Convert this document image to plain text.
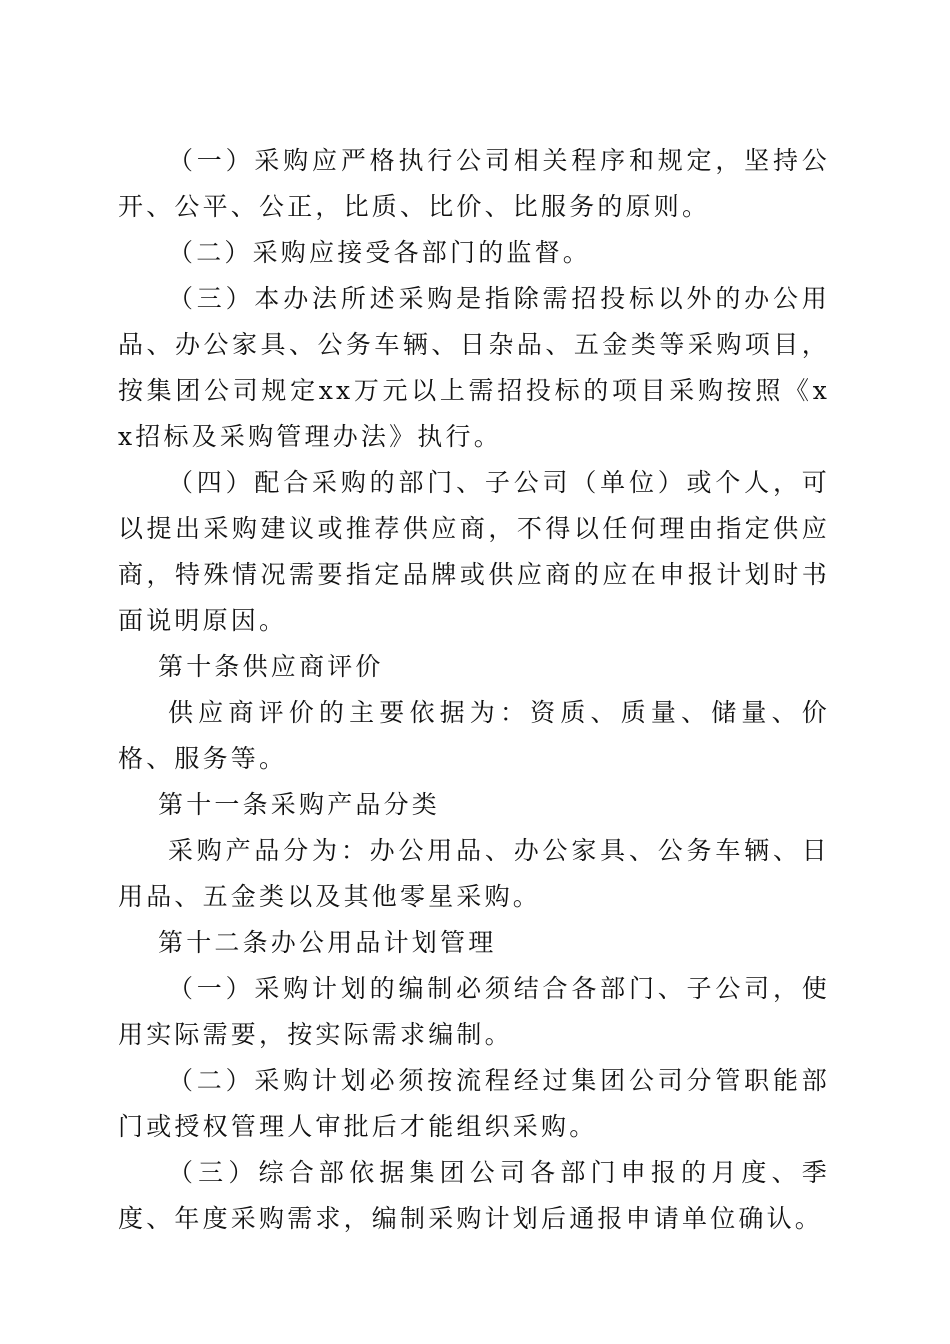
（一）采购应严格执行公司相关程序和规定，坚持公开、公平、公正，比质、比价、比服务的原则。

（二）采购应接受各部门的监督。

（三）本办法所述采购是指除需招投标以外的办公用品、办公家具、公务车辆、日杂品、五金类等采购项目，按集团公司规定xx万元以上需招投标的项目采购按照《xx招标及采购管理办法》执行。

（四）配合采购的部门、子公司（单位）或个人，可以提出采购建议或推荐供应商，不得以任何理由指定供应商，特殊情况需要指定品牌或供应商的应在申报计划时书面说明原因。

第十条供应商评价

供应商评价的主要依据为：资质、质量、储量、价格、服务等。

第十一条采购产品分类

采购产品分为：办公用品、办公家具、公务车辆、日用品、五金类以及其他零星采购。

第十二条办公用品计划管理

（一）采购计划的编制必须结合各部门、子公司，使用实际需要，按实际需求编制。

（二）采购计划必须按流程经过集团公司分管职能部门或授权管理人审批后才能组织采购。

（三）综合部依据集团公司各部门申报的月度、季度、年度采购需求，编制采购计划后通报申请单位确认。
